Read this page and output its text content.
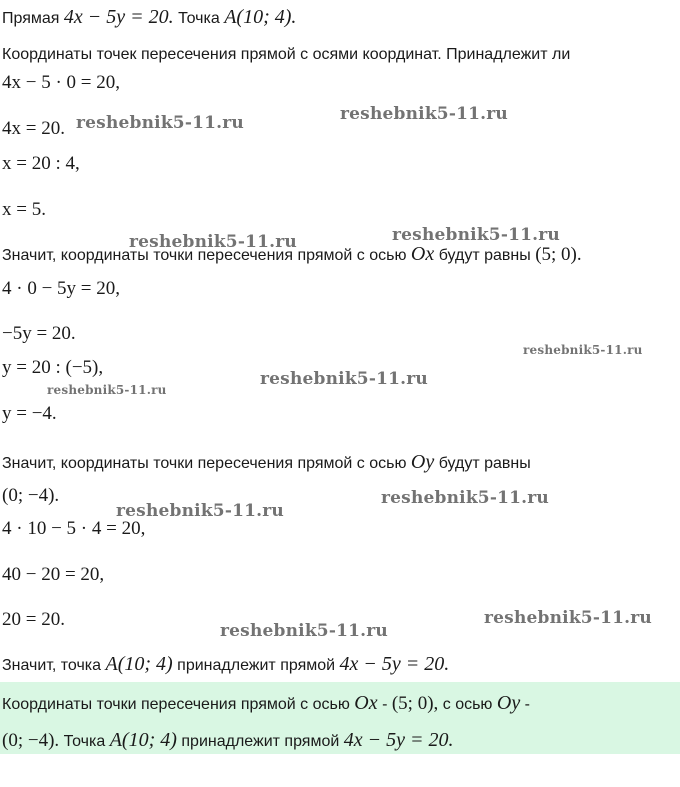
Прямая 4x − 5y = 20. Точка A(10; 4).
Координаты точек пересечения прямой с осями координат. Принадлежит ли
4x − 5 · 0 = 20,
4x = 20.
x = 20 : 4,
x = 5.
Значит, координаты точки пересечения прямой с осью Ox будут равны (5; 0).
4 · 0 − 5y = 20,
−5y = 20.
y = 20 : (−5),
y = −4.
Значит, координаты точки пересечения прямой с осью Oy будут равны
(0; −4).
4 · 10 − 5 · 4 = 20,
40 − 20 = 20,
20 = 20.
Значит, точка A(10; 4) принадлежит прямой 4x − 5y = 20.
Координаты точки пересечения прямой с осью Ox - (5; 0), с осью Oy -
(0; −4). Точка A(10; 4) принадлежит прямой 4x − 5y = 20.
reshebnik5-11.ru	reshebnik5-11.ru
reshebnik5-11.ru	reshebnik5-11.ru
reshebnik5-11.ru
reshebnik5-11.ru
reshebnik5-11.ru
reshebnik5-11.ru
reshebnik5-11.ru
reshebnik5-11.ru
reshebnik5-11.ru
